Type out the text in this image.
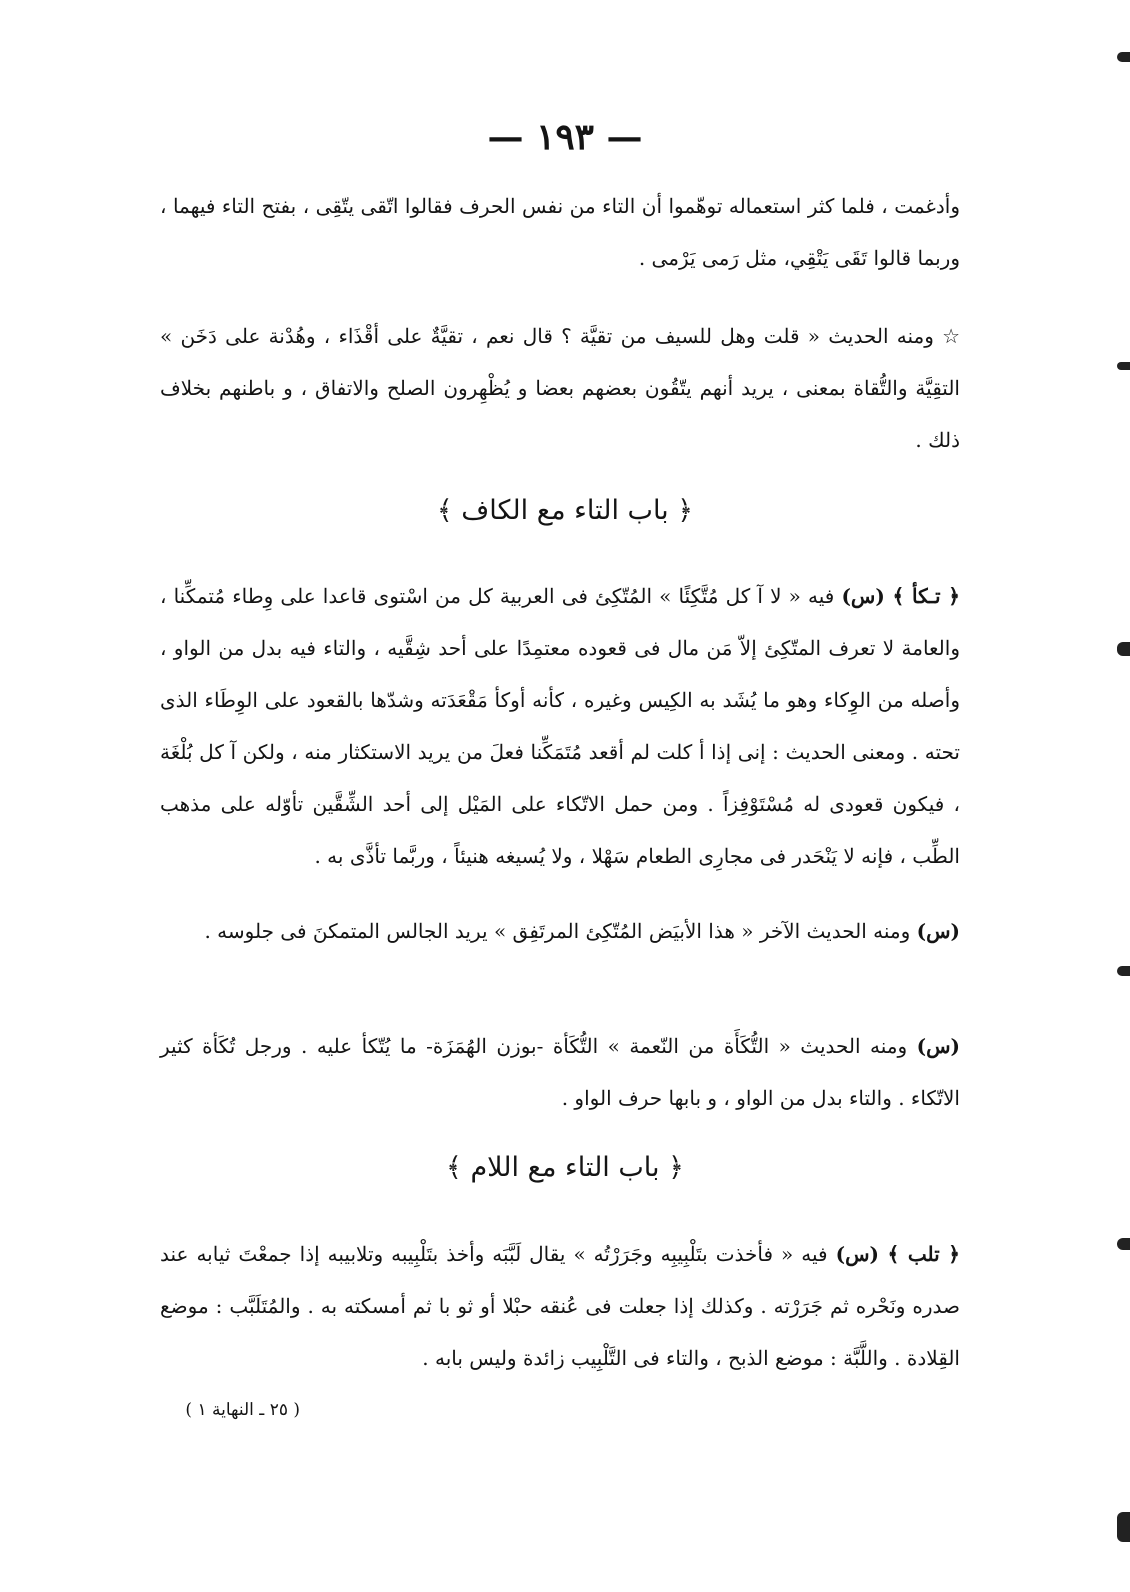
— ١٩٣ —

وأدغمت ، فلما كثر استعماله توهّموا أن التاء من نفس الحرف فقالوا اتّقى يتّقِى ، بفتح التاء فيهما ، وربما قالوا تَقَى يَتْقِي، مثل رَمى يَرْمى .

☆ ومنه الحديث « قلت وهل للسيف من تقيَّة ؟ قال نعم ، تقيَّةٌ على أقْذَاء ، وهُدْنة على دَخَن » التقِيَّة والتُّقاة بمعنى ، يريد أنهم يتّقُون بعضهم بعضا و يُظْهِرون الصلح والاتفاق ، و باطنهم بخلاف ذلك .

﴿ باب التاء مع الكاف ﴾

﴿ تـكأ ﴾ (س) فيه « لا آ كل مُتَّكِئًا » المُتّكِئ فى العربية كل من اسْتوى قاعدا على وِطاء مُتمكِّنا ، والعامة لا تعرف المتّكِئ إلاّ مَن مال فى قعوده معتمِدًا على أحد شِقَّيه ، والتاء فيه بدل من الواو ، وأصله من الوِكاء وهو ما يُشَد به الكِيس وغيره ، كأنه أوكأ مَقْعَدَته وشدّها بالقعود على الوِطَاء الذى تحته . ومعنى الحديث : إنى إذا أ كلت لم أقعد مُتَمَكِّنا فعلَ من يريد الاستكثار منه ، ولكن آ كل بُلْغَة ، فيكون قعودى له مُسْتَوْفِزاً . ومن حمل الاتّكاء على المَيْل إلى أحد الشِّقَّين تأوّله على مذهب الطِّب ، فإنه لا يَنْحَدر فى مجارِى الطعام سَهْلا ، ولا يُسيغه هنيئاً ، وربَّما تأذَّى به .

(س) ومنه الحديث الآخر « هذا الأبيَض المُتّكِئ المرتَفِق » يريد الجالس المتمكنَ فى جلوسه .

(س) ومنه الحديث « التُّكَأَة من النّعمة » التُّكَأة -بوزن الهُمَزَة- ما يُتّكأ عليه . ورجل تُكَأة كثير الاتّكاء . والتاء بدل من الواو ، و بابها حرف الواو .

﴿ باب التاء مع اللام ﴾

﴿ تلب ﴾ (س) فيه « فأخذت بتَلْبِيبِه وجَرَرْتُه » يقال لَبَّبَه وأخذ بتَلْبِيبه وتلابيبه إذا جمعْتَ ثيابه عند صدره ونَحْره ثم جَرَرْته . وكذلك إذا جعلت فى عُنقه حبْلا أو ثو با ثم أمسكته به . والمُتَلَبَّب : موضع القِلادة . واللَّبَّة : موضع الذبح ، والتاء فى التَّلْبِيب زائدة وليس بابه .

( ٢٥ ـ النهاية ١ )
